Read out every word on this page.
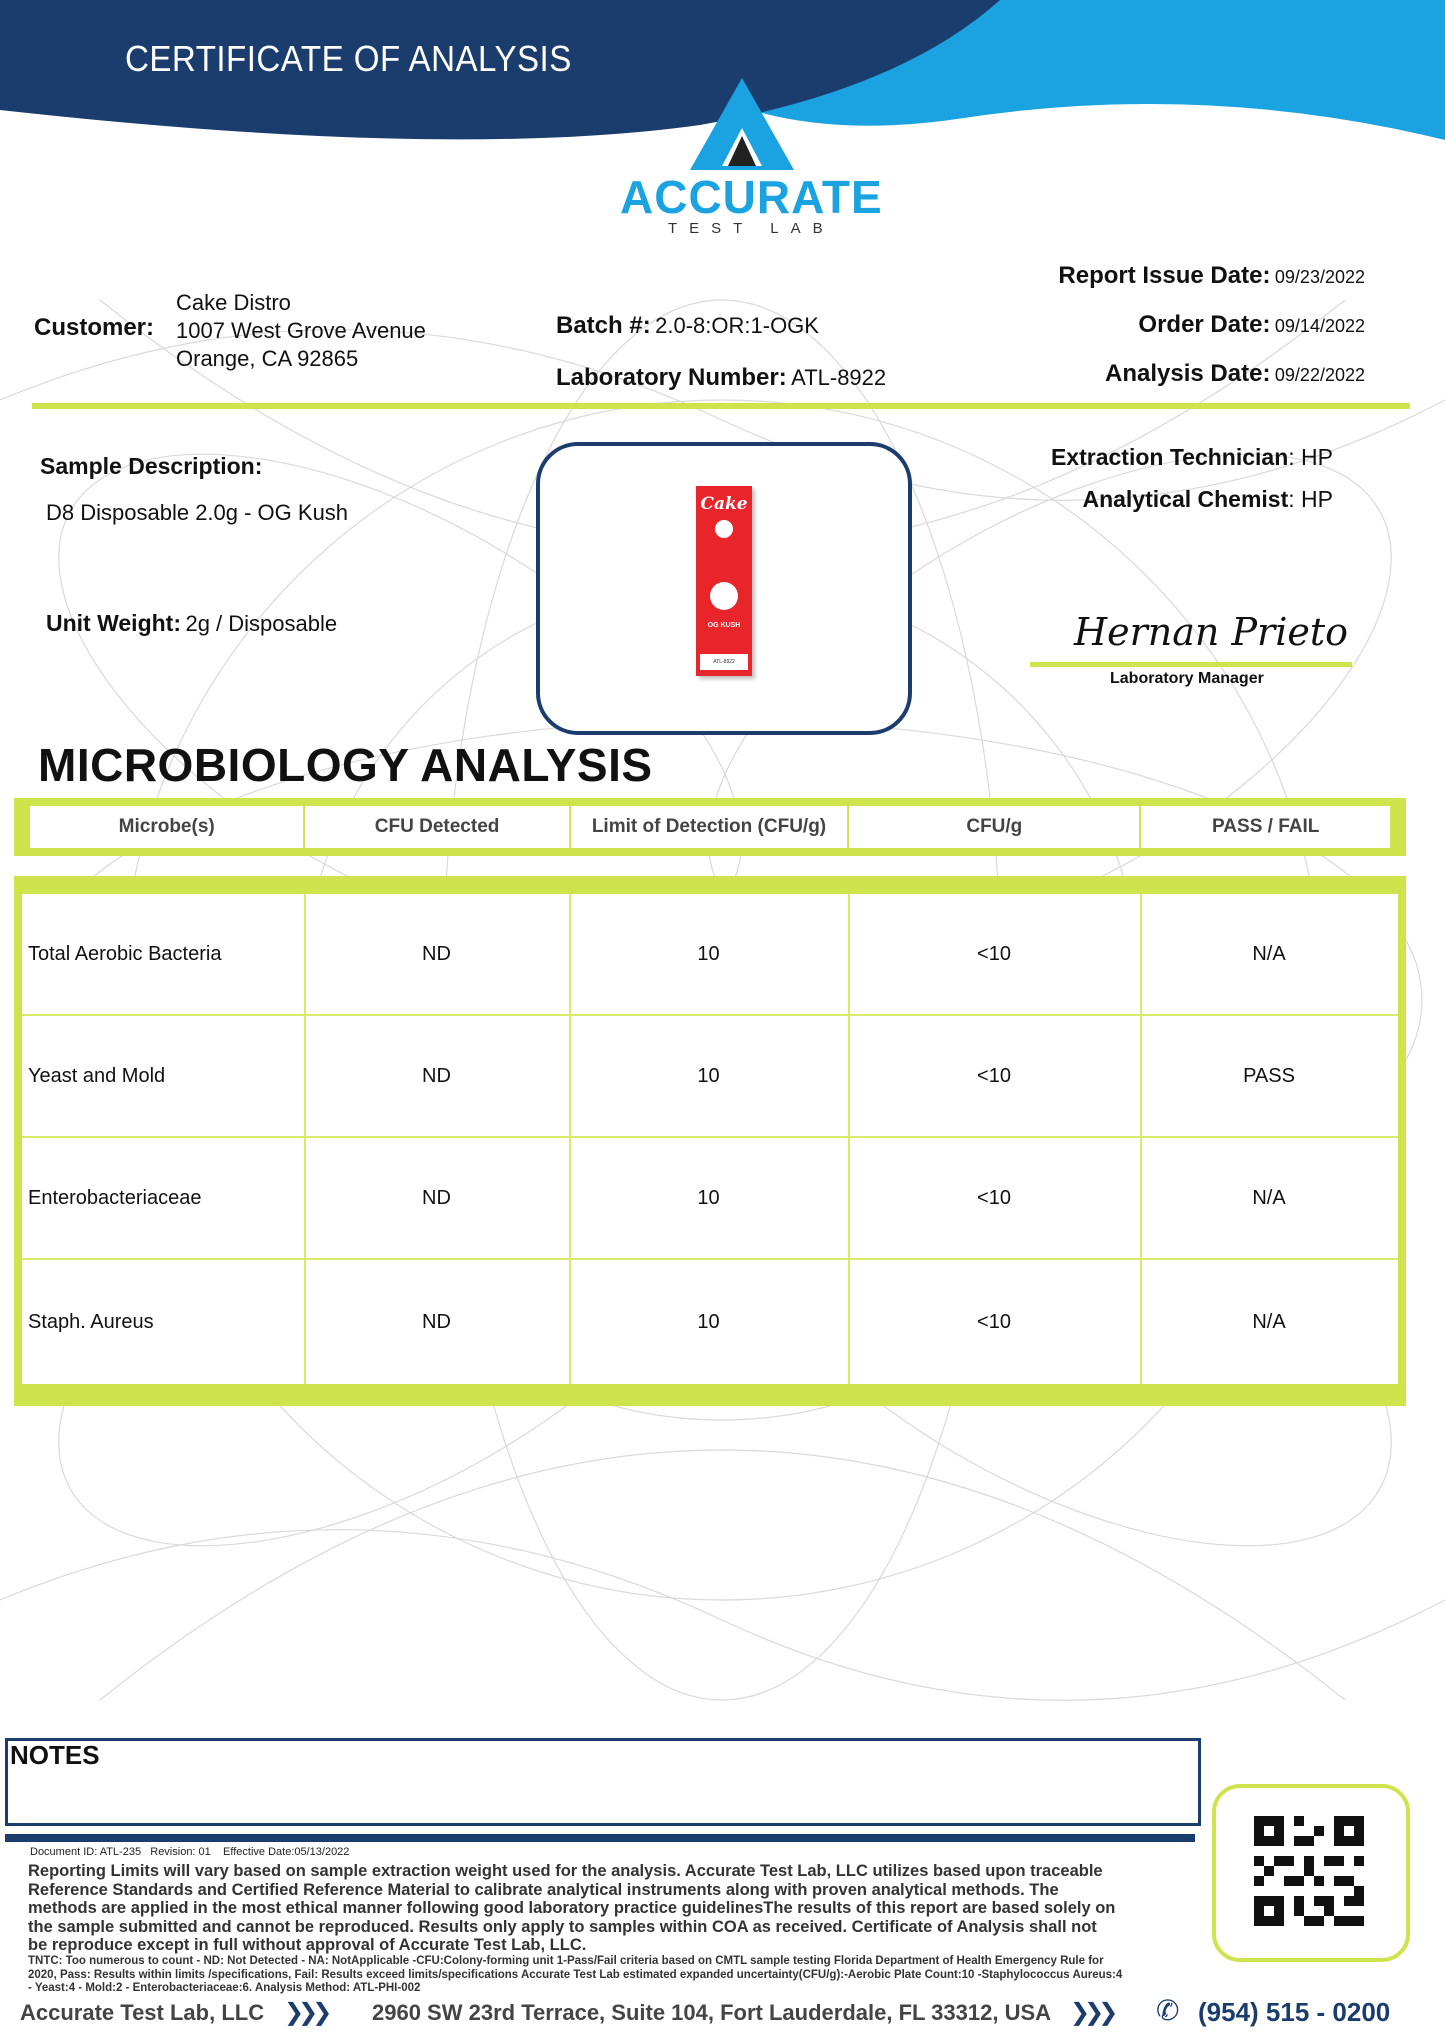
CERTIFICATE OF ANALYSIS
ACCURATE
TEST LAB
Customer:
Cake Distro
1007 West Grove Avenue
Orange, CA 92865
Batch #: 2.0-8:OR:1-OGK
Laboratory Number: ATL-8922
Report Issue Date: 09/23/2022
Order Date: 09/14/2022
Analysis Date: 09/22/2022
Sample Description:
D8 Disposable 2.0g - OG Kush
Unit Weight: 2g / Disposable
Cake
OG KUSH
ATL-8922
Extraction Technician: HP
Analytical Chemist: HP
Hernan Prieto
Laboratory Manager
MICROBIOLOGY ANALYSIS
Microbe(s)	CFU Detected	Limit of Detection (CFU/g)	CFU/g	PASS / FAIL
Total Aerobic Bacteria	ND	10	<10	N/A
Yeast and Mold	ND	10	<10	PASS
Enterobacteriaceae	ND	10	<10	N/A
Staph. Aureus	ND	10	<10	N/A
NOTES
Document ID: ATL-235 Revision: 01 Effective Date:05/13/2022
Reporting Limits will vary based on sample extraction weight used for the analysis. Accurate Test Lab, LLC utilizes based upon traceable Reference Standards and Certified Reference Material to calibrate analytical instruments along with proven analytical methods. The methods are applied in the most ethical manner following good laboratory practice guidelinesThe results of this report are based solely on the sample submitted and cannot be reproduced. Results only apply to samples within COA as received. Certificate of Analysis shall not be reproduce except in full without approval of Accurate Test Lab, LLC.
TNTC: Too numerous to count - ND: Not Detected - NA: NotApplicable -CFU:Colony-forming unit 1-Pass/Fail criteria based on CMTL sample testing Florida Department of Health Emergency Rule for 2020, Pass: Results within limits /specifications, Fail: Results exceed limits/specifications Accurate Test Lab estimated expanded uncertainty(CFU/g):-Aerobic Plate Count:10 -Staphylococcus Aureus:4 - Yeast:4 - Mold:2 - Enterobacteriaceae:6. Analysis Method: ATL-PHI-002
Accurate Test Lab, LLC ❯❯❯ 2960 SW 23rd Terrace, Suite 104, Fort Lauderdale, FL 33312, USA ❯❯❯ ✆ (954) 515 - 0200
